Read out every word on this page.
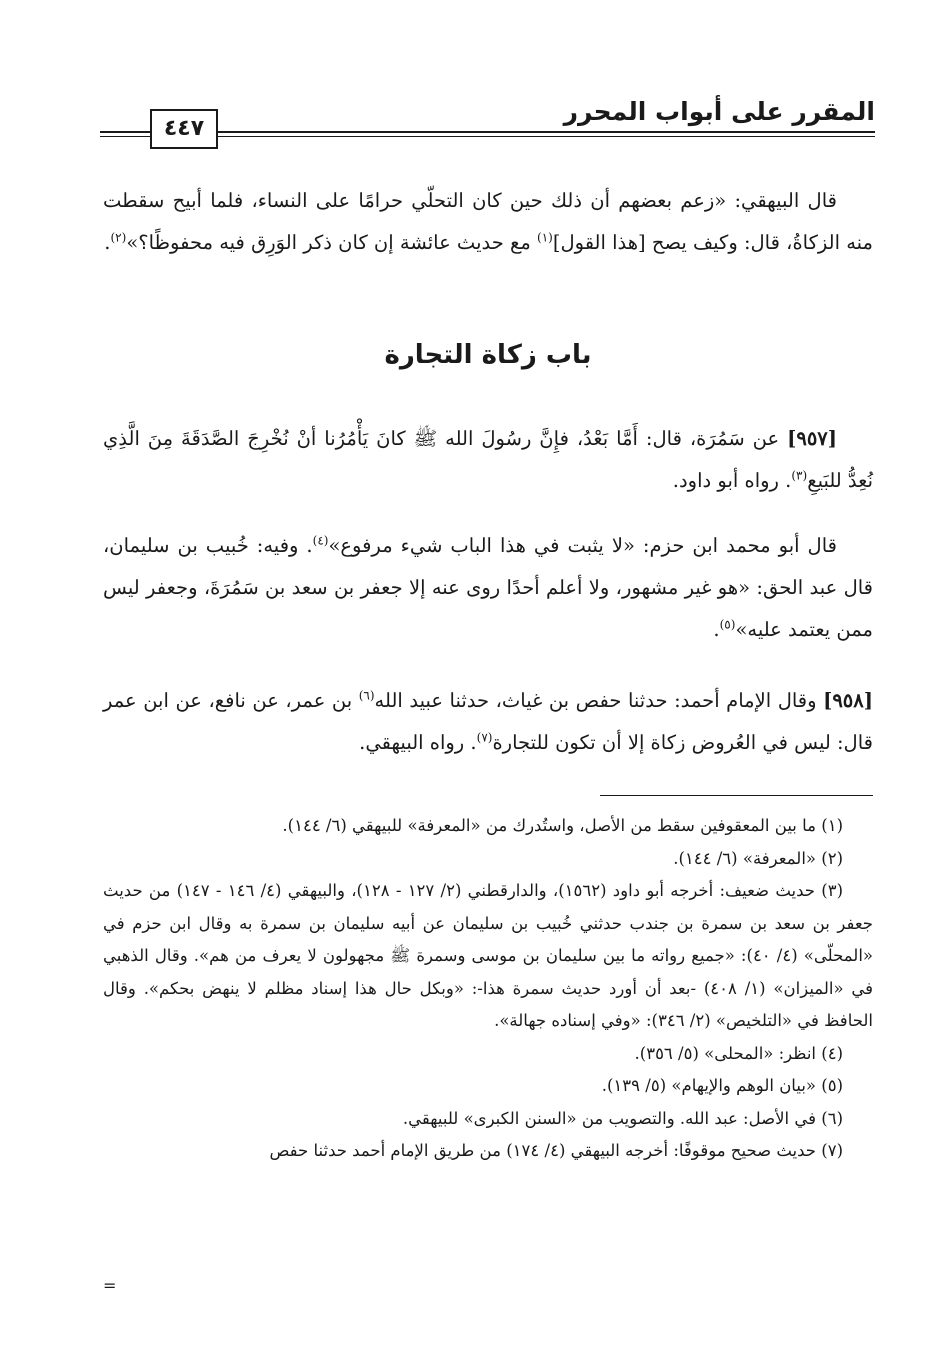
المقرر على أبواب المحرر
٤٤٧
قال البيهقي: «زعم بعضهم أن ذلك حين كان التحلّي حرامًا على النساء، فلما أبيح سقطت منه الزكاةُ، قال: وكيف يصح [هذا القول]$^{(١)}$ مع حديث عائشة إن كان ذكر الوَرِق فيه محفوظًا؟»$^{(٢)}$.
باب زكاة التجارة
[٩٥٧] عن سَمُرَة، قال: أَمَّا بَعْدُ، فإِنَّ رسُولَ الله ﷺ كانَ يَأْمُرُنا أنْ نُخْرِجَ الصَّدَقَةَ مِنَ الَّذِي نُعِدُّ للبَيعِ$^{(٣)}$. رواه أبو داود.
قال أبو محمد ابن حزم: «لا يثبت في هذا الباب شيء مرفوع»$^{(٤)}$. وفيه: خُبيب بن سليمان، قال عبد الحق: «هو غير مشهور، ولا أعلم أحدًا روى عنه إلا جعفر بن سعد بن سَمُرَةَ، وجعفر ليس ممن يعتمد عليه»$^{(٥)}$.
[٩٥٨] وقال الإمام أحمد: حدثنا حفص بن غياث، حدثنا عبيد الله$^{(٦)}$ بن عمر، عن نافع، عن ابن عمر قال: ليس في العُروض زكاة إلا أن تكون للتجارة$^{(٧)}$. رواه البيهقي.
(١) ما بين المعقوفين سقط من الأصل، واستُدرك من «المعرفة» للبيهقي (٦/ ١٤٤).
(٢) «المعرفة» (٦/ ١٤٤).
(٣) حديث ضعيف: أخرجه أبو داود (١٥٦٢)، والدارقطني (٢/ ١٢٧ - ١٢٨)، والبيهقي (٤/ ١٤٦ - ١٤٧) من حديث جعفر بن سعد بن سمرة بن جندب حدثني خُبيب بن سليمان عن أبيه سليمان بن سمرة به وقال ابن حزم في «المحلّى» (٤/ ٤٠): «جميع رواته ما بين سليمان بن موسى وسمرة ﷺ مجهولون لا يعرف من هم». وقال الذهبي في «الميزان» (١/ ٤٠٨) -بعد أن أورد حديث سمرة هذا-: «وبكل حال هذا إسناد مظلم لا ينهض بحكم». وقال الحافظ في «التلخيص» (٢/ ٣٤٦): «وفي إسناده جهالة».
(٤) انظر: «المحلى» (٥/ ٣٥٦).
(٥) «بيان الوهم والإيهام» (٥/ ١٣٩).
(٦) في الأصل: عبد الله. والتصويب من «السنن الكبرى» للبيهقي.
(٧) حديث صحيح موقوفًا: أخرجه البيهقي (٤/ ١٧٤) من طريق الإمام أحمد حدثنا حفص
=
